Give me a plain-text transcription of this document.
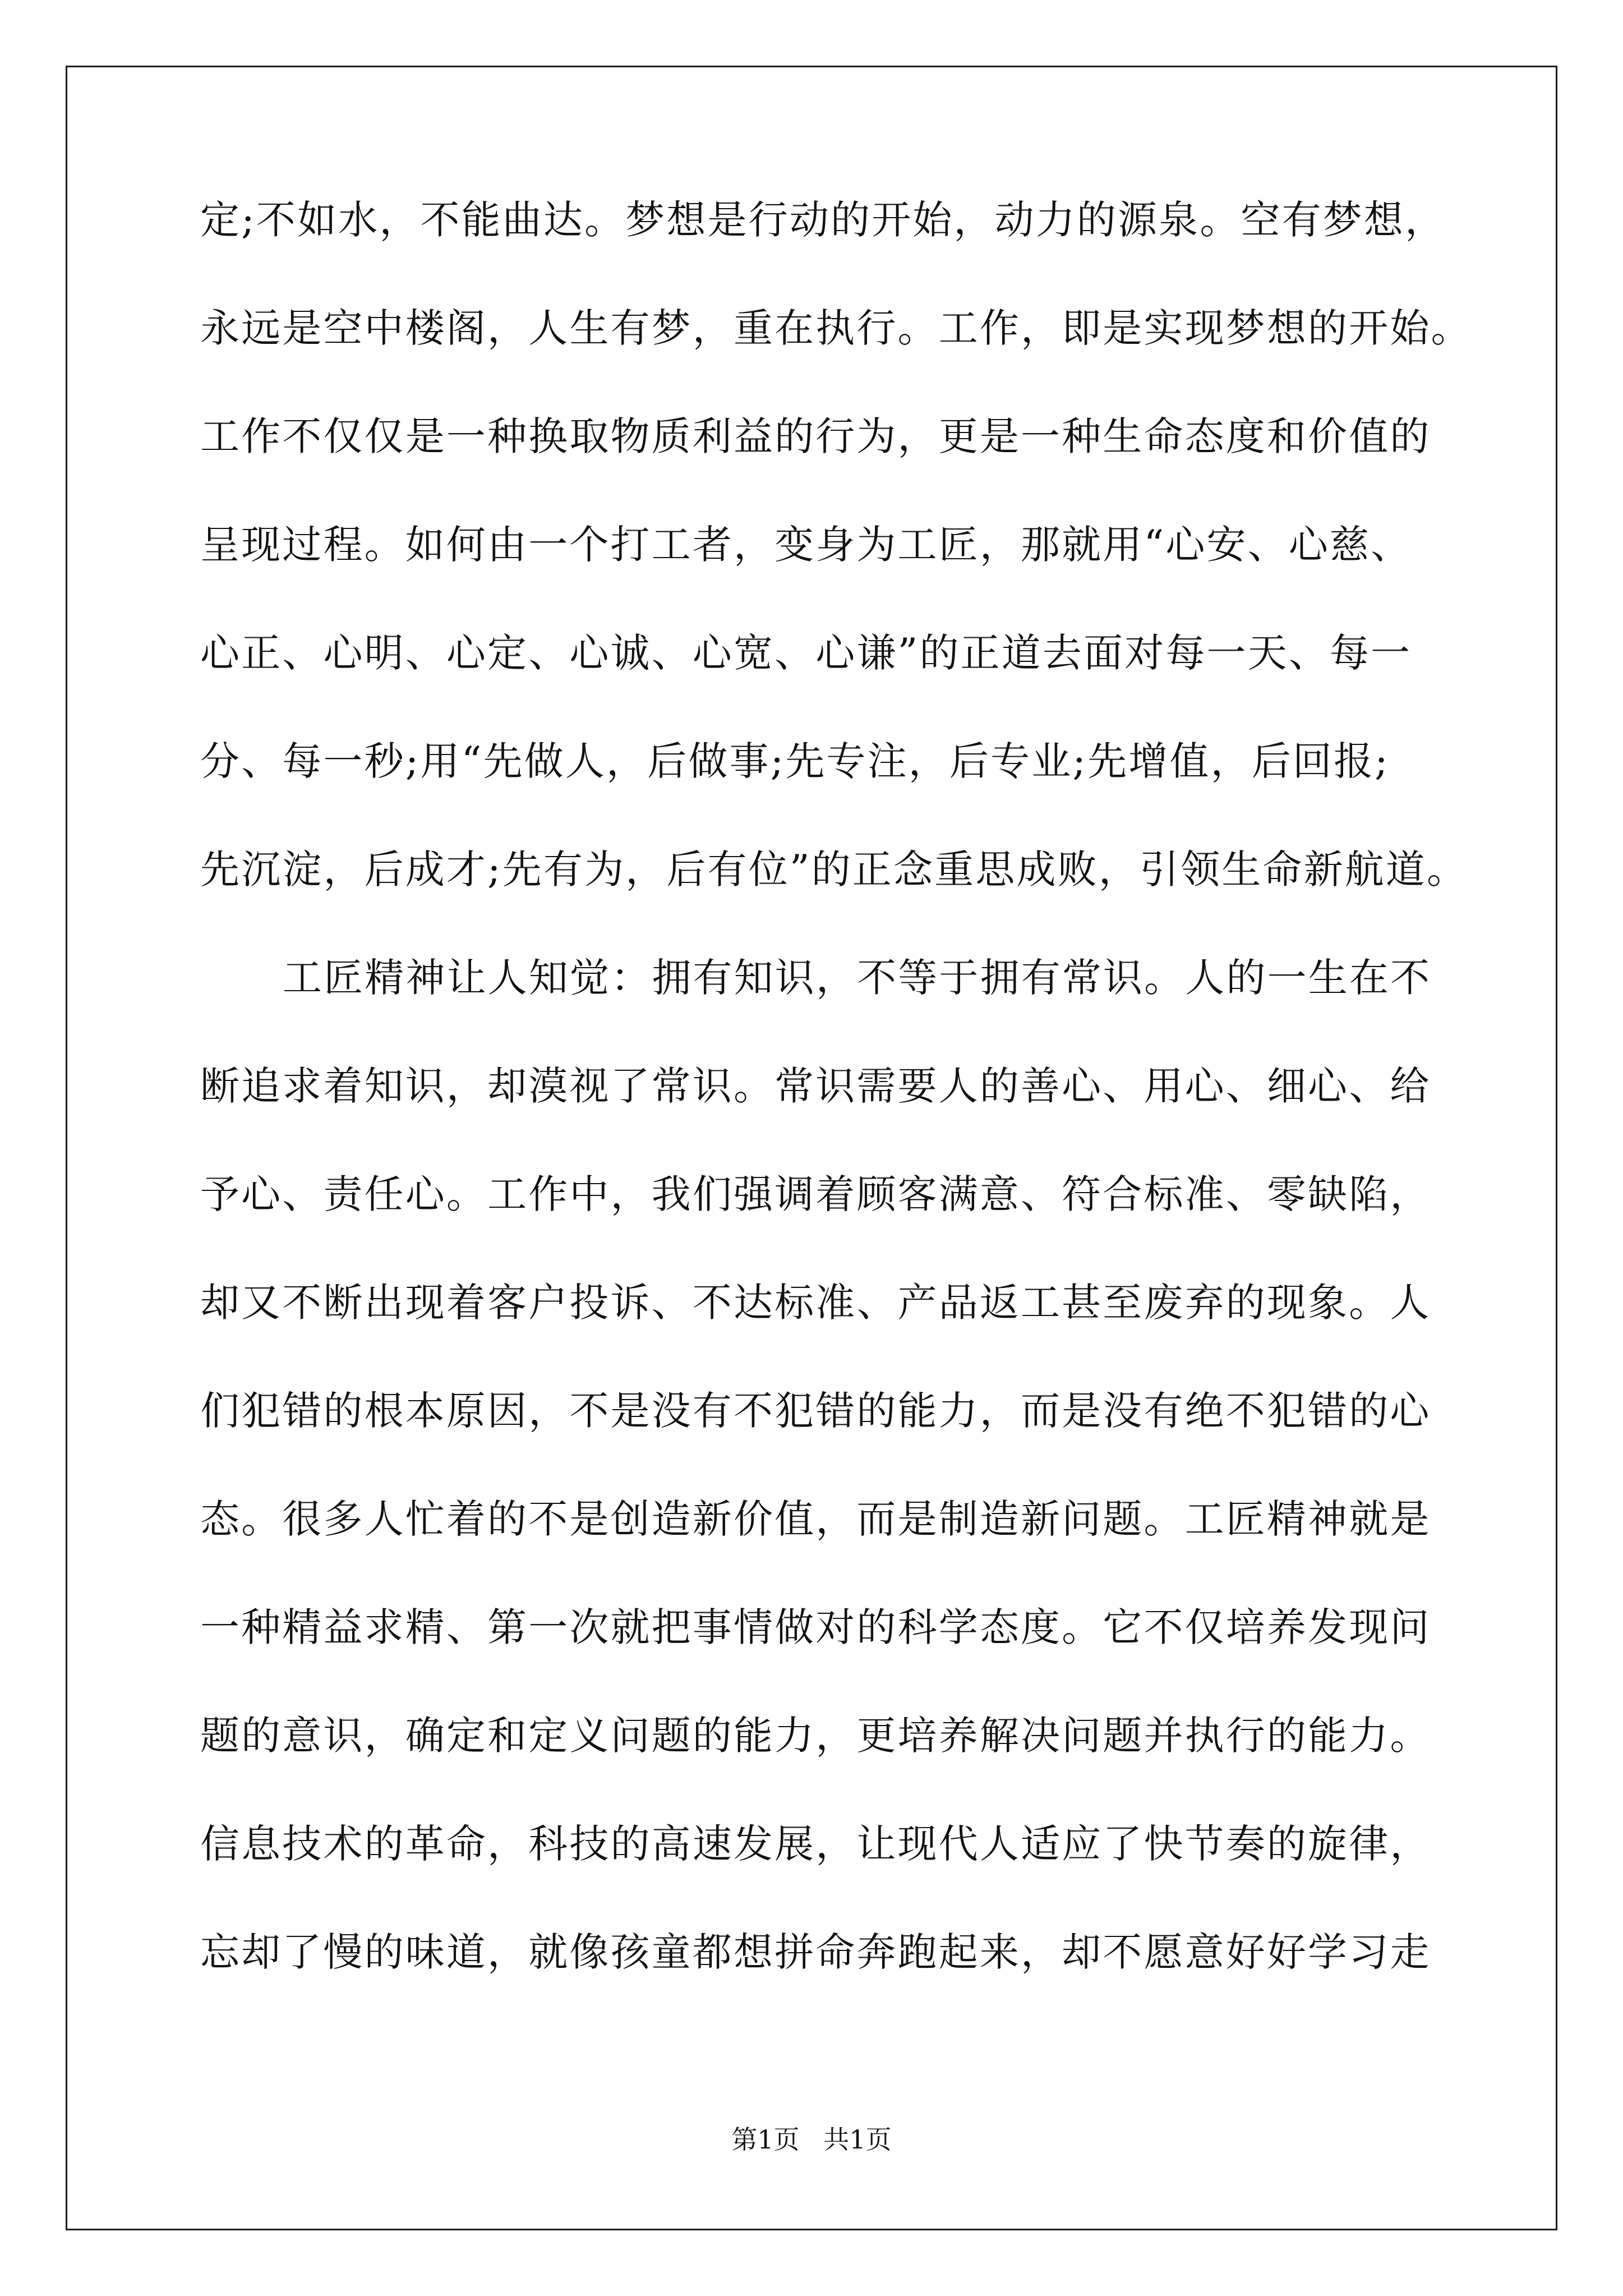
定;不如水，不能曲达。梦想是行动的开始，动力的源泉。空有梦想，
永远是空中楼阁，人生有梦，重在执行。工作，即是实现梦想的开始。
工作不仅仅是一种换取物质利益的行为，更是一种生命态度和价值的
呈现过程。如何由一个打工者，变身为工匠，那就用“心安、心慈、
心正、心明、心定、心诚、心宽、心谦”的正道去面对每一天、每一
分、每一秒;用“先做人，后做事;先专注，后专业;先增值，后回报;
先沉淀，后成才;先有为，后有位”的正念重思成败，引领生命新航道。
工匠精神让人知觉：拥有知识，不等于拥有常识。人的一生在不
断追求着知识，却漠视了常识。常识需要人的善心、用心、细心、给
予心、责任心。工作中，我们强调着顾客满意、符合标准、零缺陷，
却又不断出现着客户投诉、不达标准、产品返工甚至废弃的现象。人
们犯错的根本原因，不是没有不犯错的能力，而是没有绝不犯错的心
态。很多人忙着的不是创造新价值，而是制造新问题。工匠精神就是
一种精益求精、第一次就把事情做对的科学态度。它不仅培养发现问
题的意识，确定和定义问题的能力，更培养解决问题并执行的能力。
信息技术的革命，科技的高速发展，让现代人适应了快节奏的旋律，
忘却了慢的味道，就像孩童都想拼命奔跑起来，却不愿意好好学习走
第1页 共1页
